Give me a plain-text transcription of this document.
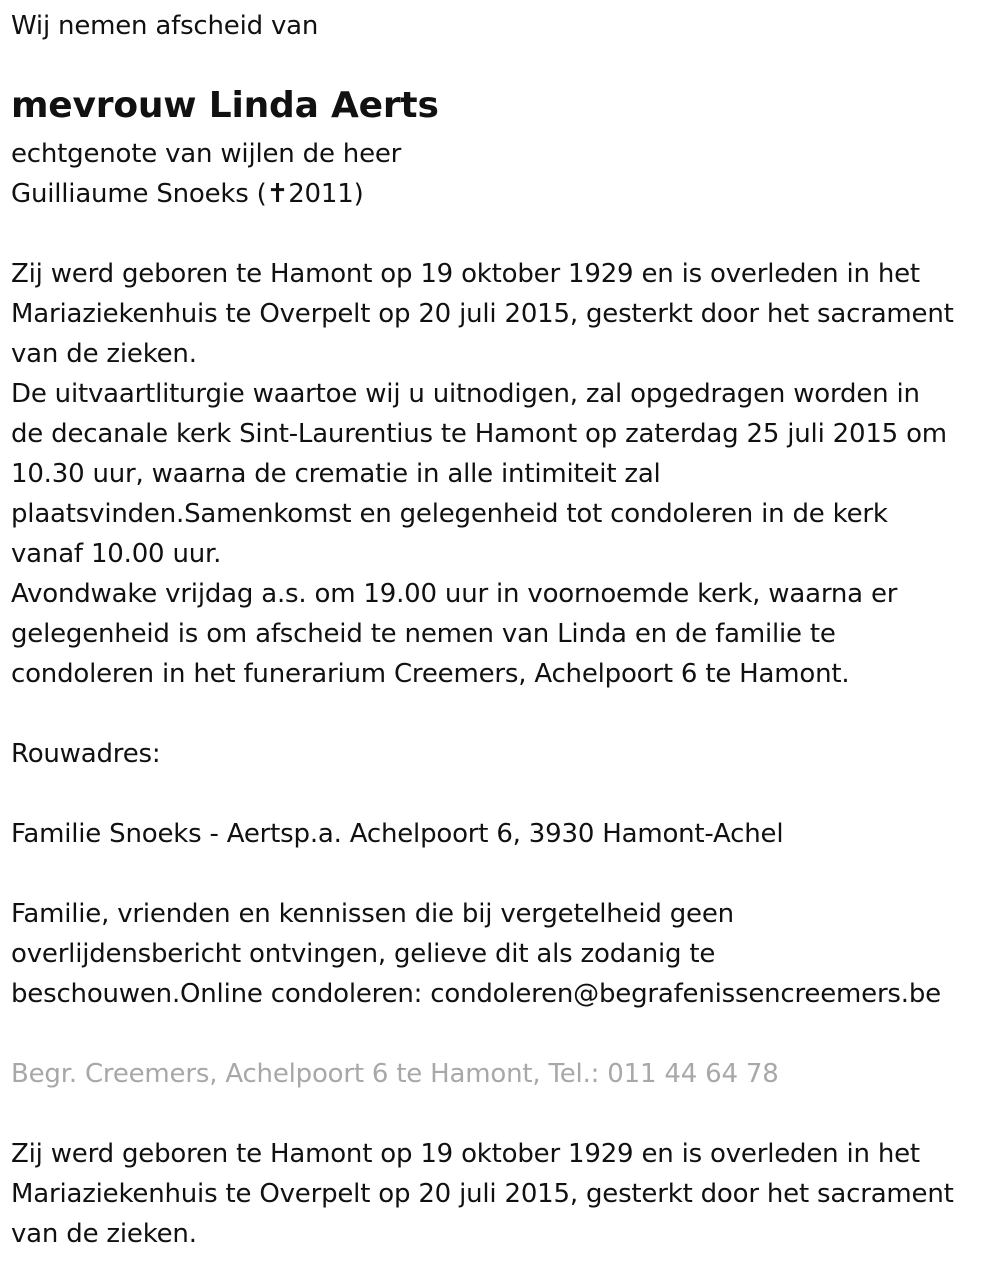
Wij nemen afscheid van
mevrouw Linda Aerts
echtgenote van wijlen de heer
Guilliaume Snoeks (✝2011)
Zij werd geboren te Hamont op 19 oktober 1929 en is overleden in het
Mariaziekenhuis te Overpelt op 20 juli 2015, gesterkt door het sacrament
van de zieken.
De uitvaartliturgie waartoe wij u uitnodigen, zal opgedragen worden in
de decanale kerk Sint-Laurentius te Hamont op zaterdag 25 juli 2015 om
10.30 uur, waarna de crematie in alle intimiteit zal
plaatsvinden.Samenkomst en gelegenheid tot condoleren in de kerk
vanaf 10.00 uur.
Avondwake vrijdag a.s. om 19.00 uur in voornoemde kerk, waarna er
gelegenheid is om afscheid te nemen van Linda en de familie te
condoleren in het funerarium Creemers, Achelpoort 6 te Hamont.
Rouwadres:
Familie Snoeks - Aertsp.a. Achelpoort 6, 3930 Hamont-Achel
Familie, vrienden en kennissen die bij vergetelheid geen
overlijdensbericht ontvingen, gelieve dit als zodanig te
beschouwen.Online condoleren: condoleren@begrafenissencreemers.be
Begr. Creemers, Achelpoort 6 te Hamont, Tel.: 011 44 64 78
Zij werd geboren te Hamont op 19 oktober 1929 en is overleden in het
Mariaziekenhuis te Overpelt op 20 juli 2015, gesterkt door het sacrament
van de zieken.
